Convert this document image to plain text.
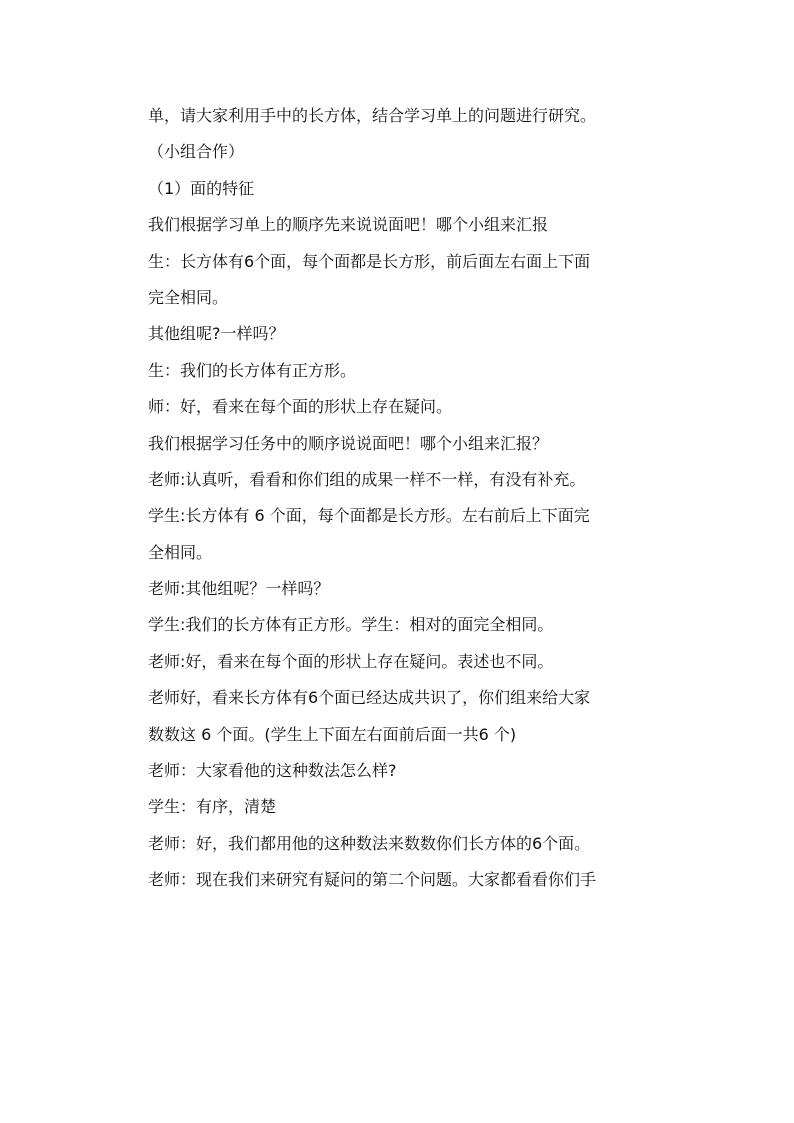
单，请大家利用手中的长方体，结合学习单上的问题进行研究。
（小组合作）
（1）面的特征
我们根据学习单上的顺序先来说说面吧！哪个小组来汇报
生：长方体有6个面，每个面都是长方形，前后面左右面上下面
完全相同。
其他组呢?一样吗？
生：我们的长方体有正方形。
师：好，看来在每个面的形状上存在疑问。
我们根据学习任务中的顺序说说面吧！哪个小组来汇报？
老师:认真听，看看和你们组的成果一样不一样，有没有补充。
学生:长方体有 6 个面，每个面都是长方形。左右前后上下面完
全相同。
老师:其他组呢？一样吗？
学生:我们的长方体有正方形。学生：相对的面完全相同。
老师:好，看来在每个面的形状上存在疑问。表述也不同。
老师好，看来长方体有6个面已经达成共识了，你们组来给大家
数数这 6 个面。(学生上下面左右面前后面一共6 个)
老师：大家看他的这种数法怎么样?
学生：有序，清楚
老师：好，我们都用他的这种数法来数数你们长方体的6个面。
老师：现在我们来研究有疑问的第二个问题。大家都看看你们手
